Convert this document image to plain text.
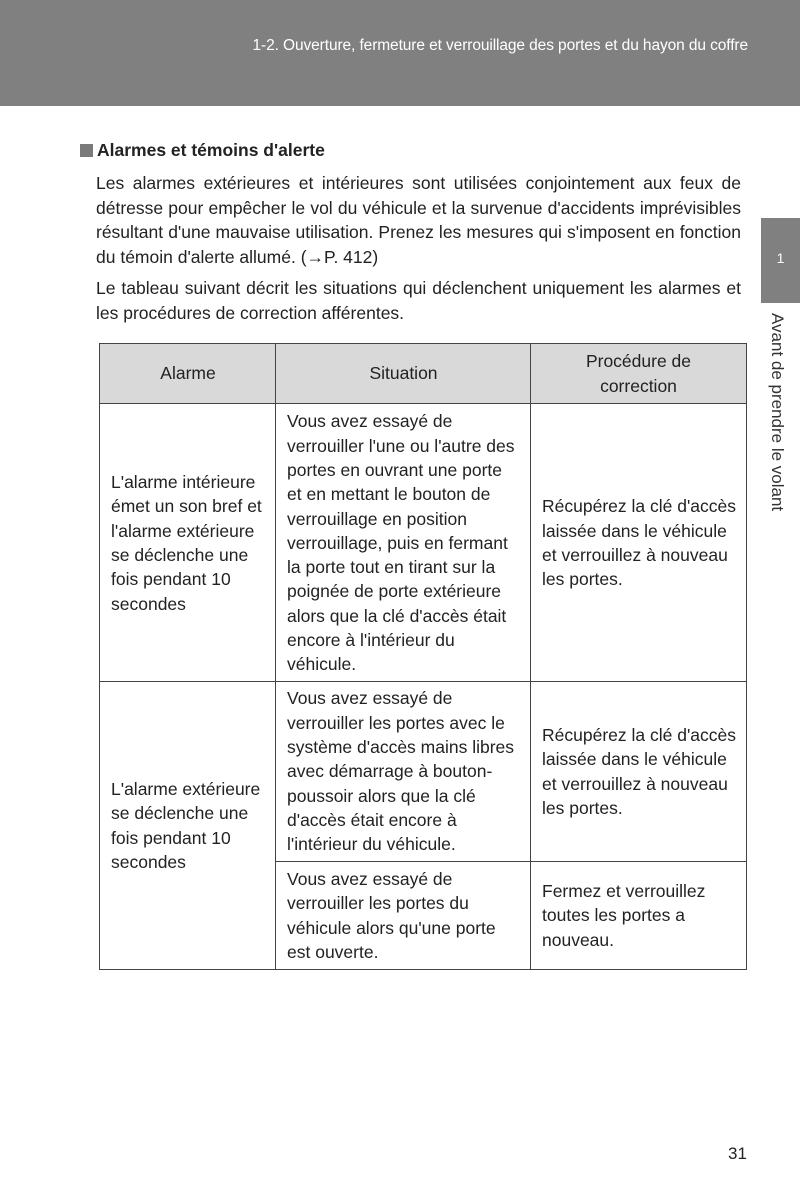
1-2. Ouverture, fermeture et verrouillage des portes et du hayon du coffre
1
Avant de prendre le volant
Alarmes et témoins d'alerte

Les alarmes extérieures et intérieures sont utilisées conjointement aux feux de détresse pour empêcher le vol du véhicule et la survenue d'accidents imprévisibles résultant d'une mauvaise utilisation. Prenez les mesures qui s'imposent en fonction du témoin d'alerte allumé. (→P. 412)

Le tableau suivant décrit les situations qui déclenchent uniquement les alarmes et les procédures de correction afférentes.

Alarme	Situation
Procédure de correction
L'alarme intérieure émet un son bref et l'alarme extérieure se déclenche une fois pendant 10 secondes
Vous avez essayé de verrouiller l'une ou l'autre des portes en ouvrant une porte et en mettant le bouton de verrouillage en position verrouillage, puis en fermant la porte tout en tirant sur la poignée de porte extérieure alors que la clé d'accès était encore à l'intérieur du véhicule.
Récupérez la clé d'accès laissée dans le véhicule et verrouillez à nouveau les portes.
L'alarme extérieure se déclenche une fois pendant 10 secondes
Vous avez essayé de verrouiller les portes avec le système d'accès mains libres avec démarrage à bouton-poussoir alors que la clé d'accès était encore à l'intérieur du véhicule.
Récupérez la clé d'accès laissée dans le véhicule et verrouillez à nouveau les portes.
Vous avez essayé de verrouiller les portes du véhicule alors qu'une porte est ouverte.
Fermez et verrouillez toutes les portes a nouveau.
31
